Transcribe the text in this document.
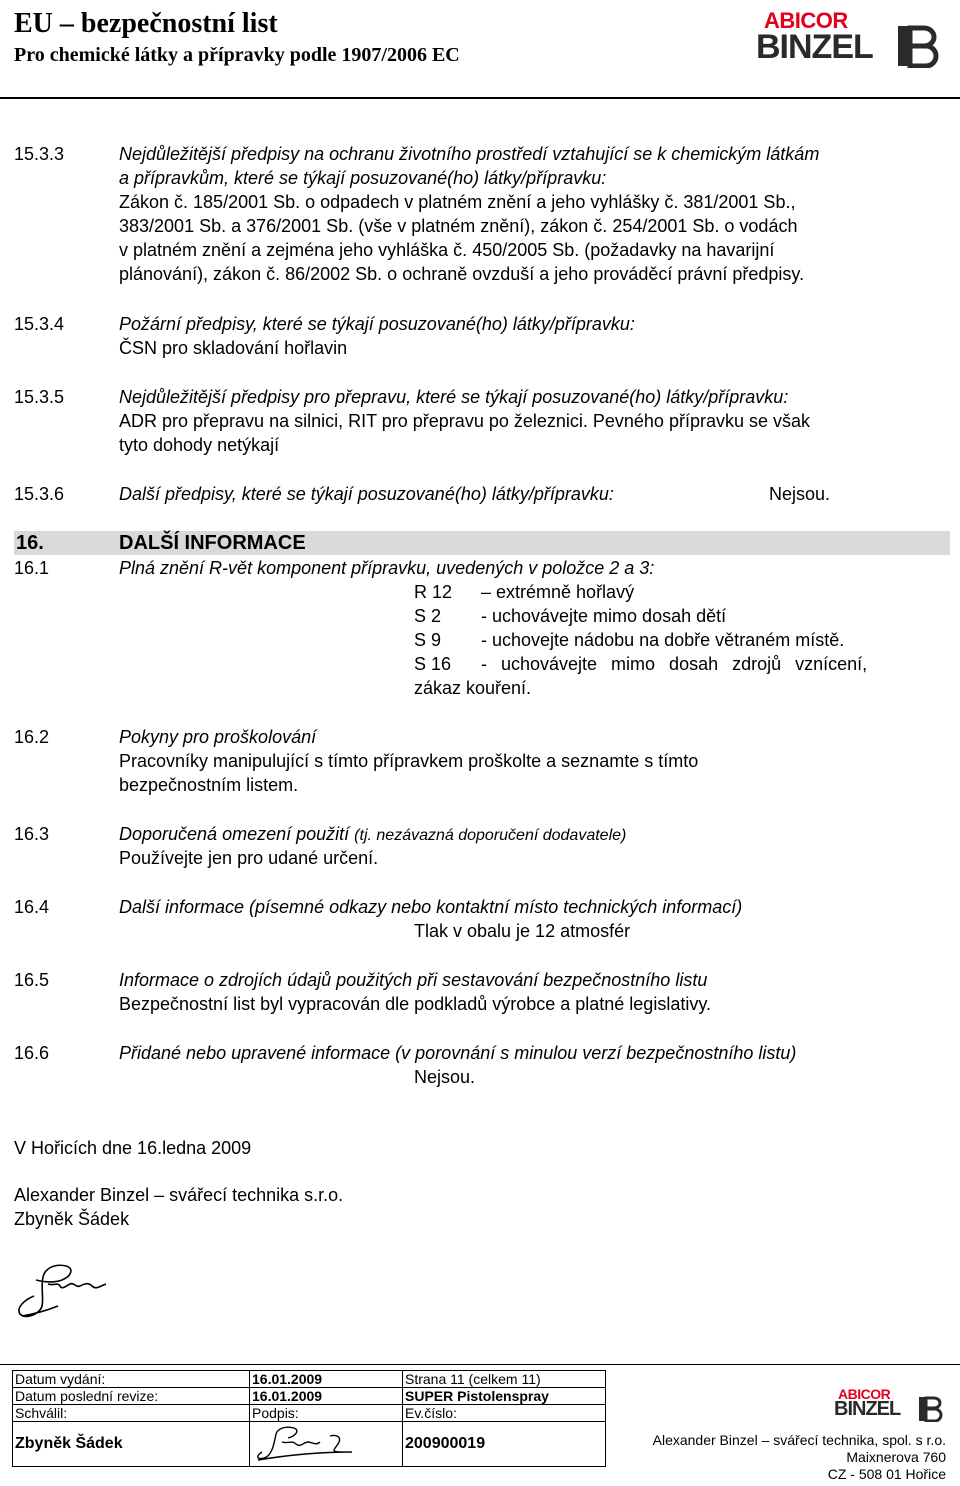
EU – bezpečnostní list
Pro chemické látky a přípravky podle 1907/2006 EC
ABICOR
BINZEL
15.3.3	Nejdůležitější předpisy na ochranu životního prostředí vztahující se k chemickým látkám
a přípravkům, které se týkají posuzované(ho) látky/přípravku:
Zákon č. 185/2001 Sb. o odpadech v platném znění a jeho vyhlášky č. 381/2001 Sb.,
383/2001 Sb. a 376/2001 Sb. (vše v platném znění), zákon č. 254/2001 Sb. o vodách
v platném znění a zejména jeho vyhláška č. 450/2005 Sb. (požadavky na havarijní
plánování), zákon č. 86/2002 Sb. o ochraně ovzduší a jeho prováděcí právní předpisy.
15.3.4	Požární předpisy, které se týkají posuzované(ho) látky/přípravku:
ČSN pro skladování hořlavin
15.3.5	Nejdůležitější předpisy pro přepravu, které se týkají posuzované(ho) látky/přípravku:
ADR pro přepravu na silnici, RIT pro přepravu po železnici. Pevného přípravku se však
tyto dohody netýkají
15.3.6	Další předpisy, které se týkají posuzované(ho) látky/přípravku:	Nejsou.
16.	DALŠÍ INFORMACE
16.1	Plná znění R-vět komponent přípravku, uvedených v položce 2 a 3:
R 12 – extrémně hořlavý
S 2 - uchovávejte mimo dosah dětí
S 9 - uchovejte nádobu na dobře větraném místě.
S 16 - uchovávejte mimo dosah zdrojů vznícení,
zákaz kouření.
16.2	Pokyny pro proškolování
Pracovníky manipulující s tímto přípravkem proškolte a seznamte s tímto
bezpečnostním listem.
16.3	Doporučená omezení použití (tj. nezávazná doporučení dodavatele)
Používejte jen pro udané určení.
16.4	Další informace (písemné odkazy nebo kontaktní místo technických informací)
Tlak v obalu je 12 atmosfér
16.5	Informace o zdrojích údajů použitých při sestavování bezpečnostního listu
Bezpečnostní list byl vypracován dle podkladů výrobce a platné legislativy.
16.6	Přidané nebo upravené informace (v porovnání s minulou verzí bezpečnostního listu)
Nejsou.
V Hořicích dne 16.ledna 2009
Alexander Binzel – svářecí technika s.r.o.
Zbyněk Šádek
Datum vydání:	16.01.2009	Strana 11 (celkem 11)
Datum poslední revize:	16.01.2009	SUPER Pistolenspray
Schválil:	Podpis:	Ev.číslo:
Zbyněk Šádek		200900019
ABICOR
BINZEL
Alexander Binzel – svářecí technika, spol. s r.o.
Maixnerova 760
CZ - 508 01 Hořice
